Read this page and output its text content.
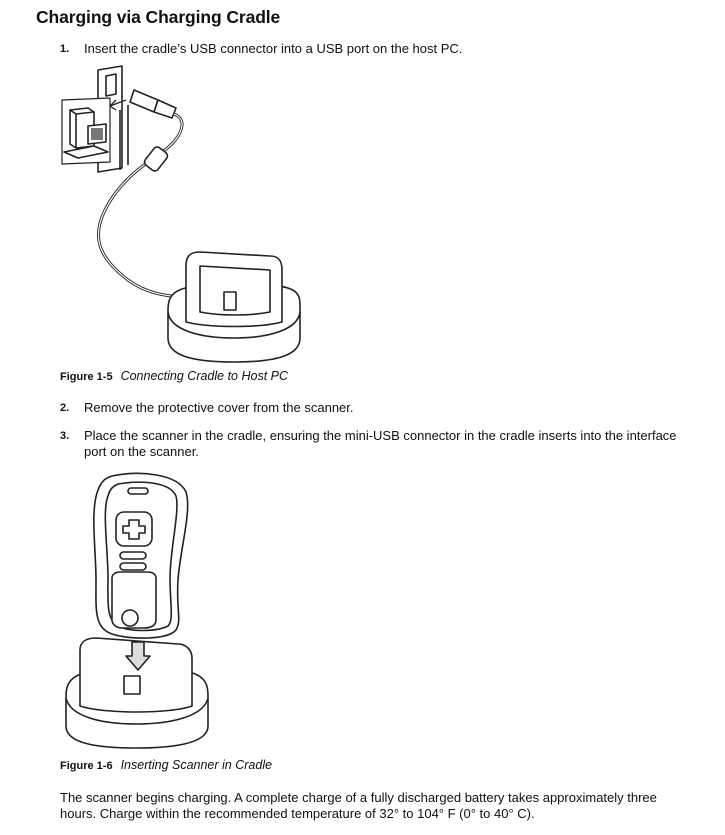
Charging via Charging Cradle
1. Insert the cradle’s USB connector into a USB port on the host PC.
Figure 1-5 Connecting Cradle to Host PC
2. Remove the protective cover from the scanner.
3. Place the scanner in the cradle, ensuring the mini-USB connector in the cradle inserts into the interface
port on the scanner.
Figure 1-6 Inserting Scanner in Cradle
The scanner begins charging. A complete charge of a fully discharged battery takes approximately three
hours. Charge within the recommended temperature of 32° to 104° F (0° to 40° C).
